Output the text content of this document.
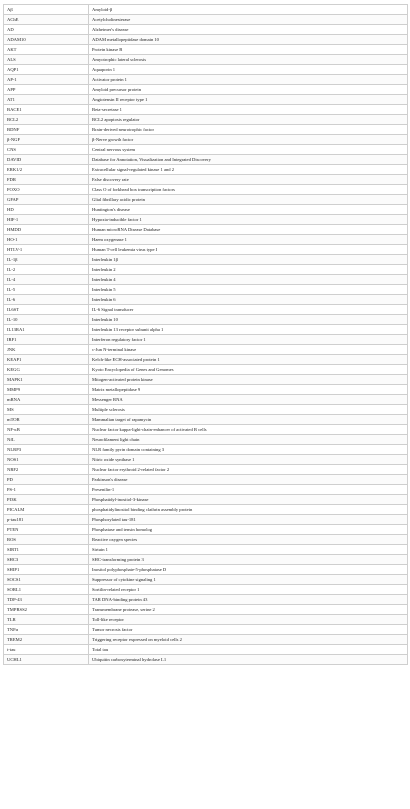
Aβ	Amyloid-β
AChE	Acetylcholinesterase
AD	Alzheimer's disease
ADAM10	ADAM metallopeptidase domain 10
AKT	Protein kinase B
ALS	Amyotrophic lateral sclerosis
AQP1	Aquaporin 1
AP-1	Activator protein 1
APP	Amyloid precursor protein
AT1	Angiotensin II receptor type 1
BACE1	Beta-secretase 1
BCL2	BCL2 apoptosis regulator
BDNF	Brain-derived neurotrophic factor
β-NGF	β-Nerve growth factor
CNS	Central nervous system
DAVID	Database for Annotation, Visualization and Integrated Discovery
ERK1/2	Extracellular signal-regulated kinase 1 and 2
FDR	False discovery rate
FOXO	Class O of forkhead box transcription factors
GFAP	Glial fibrillary acidic protein
HD	Huntington's disease
HIF-1	Hypoxia-inducible factor 1
HMDD	Human microRNA Disease Database
HO-1	Haem oxygenase 1
HTLV-1	Human T-cell leukemia virus type I
IL-1β	Interleukin 1β
IL-2	Interleukin 2
IL-4	Interleukin 4
IL-5	Interleukin 5
IL-6	Interleukin 6
IL6ST	IL-6 Signal transducer
IL-10	Interleukin 10
IL13RA1	Interleukin 13 receptor subunit alpha 1
IRF1	Interferon regulatory factor 1
JNK	c-Jun N-terminal kinase
KEAP1	Kelch-like ECH-associated protein 1
KEGG	Kyoto Encyclopedia of Genes and Genomes
MAPK1	Mitogen-activated protein kinase
MMP9	Matrix metallopeptidase 9
mRNA	Messenger RNA
MS	Multiple sclerosis
mTOR	Mammalian target of rapamycin
NF-κB	Nuclear factor kappa-light-chain-enhancer of activated B cells
NfL	Neurofilament light chain
NLRP3	NLR family pyrin domain containing 3
NOS1	Nitric oxide synthase 1
NRF2	Nuclear factor erythroid 2-related factor 2
PD	Parkinson's disease
PS-1	Presenilin-1
PI3K	Phosphatidyl-inositol-3-kinase
PICALM	phosphatidylinositol binding clathrin assembly protein
p-tau181	Phosphorylated tau-181
PTEN	Phosphatase and tensin homolog
ROS	Reactive oxygen species
SIRT1	Sirtuin 1
SHC3	SHC-transforming protein 3
SHIP1	Inositol polyphosphate-5-phosphatase D
SOCS1	Suppressor of cytokine signaling 1
SORL1	Sortilin-related receptor 1
TDP-43	TAR DNA-binding protein 43
TMPRSS2	Transmembrane protease, serine 2
TLR	Toll-like receptor
TNFα	Tumor necrosis factor
TREM2	Triggering receptor expressed on myeloid cells 2
t-tau	Total tau
UCHL1	Ubiquitin carboxyterminal hydrolase L1
